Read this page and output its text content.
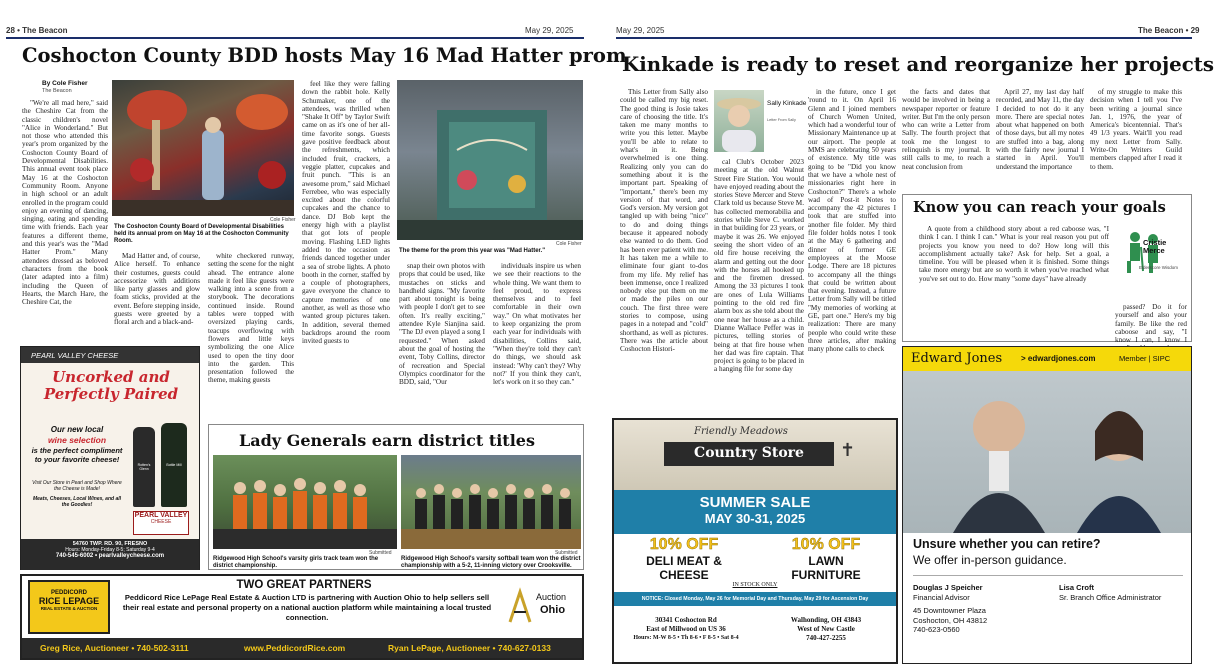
28 • The Beacon	May 29, 2025
Coshocton County BDD hosts May 16 Mad Hatter prom
By Cole Fisher
The Beacon

"We're all mad here," said the Cheshire Cat from the classic children's novel "Alice in Wonderland." But not those who attended this year's prom organized by the Coshocton County Board of Developmental Disabilities. This annual event took place May 16 at the Coshocton Community Room. Anyone in high school or an adult enrolled in the program could enjoy an evening of dancing, singing, eating and spending time with friends. Each year features a different theme, and this year's was the "Mad Hatter Prom." Many attendees dressed as beloved characters from the book (later adapted into a film) including the Queen of Hearts, the March Hare, the Cheshire Cat, the

Cole Fisher
The Coshocton County Board of Developmental Disabilities held its annual prom on May 16 at the Coshocton Community Room.

Mad Hatter and, of course, Alice herself. To enhance their costumes, guests could accessorize with additions like party glasses and glow foam sticks, provided at the event. Before stepping inside, guests were greeted by a floral arch and a black-and-

white checkered runway, setting the scene for the night ahead. The entrance alone made it feel like guests were walking into a scene from a storybook. The decorations continued inside. Round tables were topped with oversized playing cards, teacups overflowing with flowers and little keys symbolizing the one Alice used to open the tiny door into the garden. This presentation followed the theme, making guests

feel like they were falling down the rabbit hole. Kelly Schumaker, one of the attendees, was thrilled when "Shake It Off" by Taylor Swift came on as it's one of her all-time favorite songs. Guests gave positive feedback about the refreshments, which included fruit, crackers, a veggie platter, cupcakes and fruit punch. "This is an awesome prom," said Michael Ferrebee, who was especially excited about the colorful cupcakes and the chance to dance. DJ Bob kept the energy high with a playlist that got lots of people moving. Flashing LED lights added to the occasion as friends danced together under a sea of strobe lights. A photo booth in the corner, staffed by a couple of photographers, gave everyone the chance to capture memories of one another, as well as those who wanted group pictures taken. In addition, several themed backdrops around the room invited guests to

Cole Fisher
The theme for the prom this year was "Mad Hatter."

snap their own photos with props that could be used, like mustaches on sticks and handheld signs. "My favorite part about tonight is being with people I don't get to see often. It's really exciting," attendee Kyle Sianjina said. "The DJ even played a song I requested." When asked about the goal of hosting the event, Toby Collins, director of recreation and Special Olympics coordinator for the BDD, said, "Our

individuals inspire us when we see their reactions to the whole thing. We want them to feel proud, to express themselves and to feel comfortable in their own way." On what motivates her to keep organizing the prom each year for individuals with disabilities, Collins said, "When they're told they can't do things, we should ask instead: 'Why can't they? Why not?' If you think they can't, let's work on it so they can."

PEARL VALLEY CHEESE
Uncorked and Perfectly Paired
Our new local
wine selection
is the perfect compliment to your favorite cheese!
Visit Our Store in Pearl and Shop Where the Cheese is Made!
Meats, Cheeses, Local Wines, and all the Goodies!
Rotten's Glenn
Bottle Mill
PEARL VALLEY
CHEESE
54760 TWP. RD. 90, FRESNO
Hours: Monday-Friday 8-5; Saturday 9-4
740-545-6002 • pearlvalleycheese.com
Lady Generals earn district titles
Submitted
Ridgewood High School's varsity girls track team won the district championship.
Submitted
Ridgewood High School's varsity softball team won the district championship with a 5-2, 11-inning victory over Crooksville.
PEDDICORD
RICE LEPAGE
REAL ESTATE & AUCTION
TWO GREAT PARTNERS
Peddicord Rice LePage Real Estate & Auction LTD is partnering with Auction Ohio to help sellers sell their real estate and personal property on a national auction platform while maintaining a local trusted connection.
Auction
Ohio
Greg Rice, Auctioneer • 740-502-3111	www.PeddicordRice.com	Ryan LePage, Auctioneer • 740-627-0133
May 29, 2025	The Beacon • 29
Kinkade is ready to reset and reorganize her projects

This Letter from Sally also could be called my big reset. The good thing is Josie takes care of choosing the title. It's taken me many months to write you this letter. Maybe you'll be able to relate to what's in it. Being overwhelmed is one thing. Realizing only you can do something about it is the important part. Speaking of "important," there's been my version of that word, and God's version. My version got tangled up with being "nice" to do and doing things because it appeared nobody else wanted to do them. God has been ever patient with me. It has taken me a while to eliminate four giant to-dos from my life. My relief has been immense, once I realized nobody else put them on me or made the piles on our couch. The first three were stories to compose, using pages in a notepad and "cold" shorthand, as well as pictures. There was the article about Coshocton Histori-

Sally Kinkade
Letter From Sally

cal Club's October 2023 meeting at the old Walnut Street Fire Station. You would have enjoyed reading about the stories Steve Mercer and Steve Clark told us because Steve M. has collected memorabilia and stories while Steve C. worked in that building for 23 years, or maybe it was 26. We enjoyed seeing the short video of an old fire house receiving the alarm and getting out the door with the horses all hooked up and the firemen dressed. Among the 33 pictures I took are ones of Lula Williams pointing to the old red fire alarm box as she told about the one near her house as a child. Dianne Wallace Peffer was in pictures, telling stories of being at that fire house when her dad was fire captain. That project is going to be placed in a hanging file for some day

in the future, once I get 'round to it. On April 16 Glenn and I joined members of Church Women United, which had a wonderful tour of Missionary Maintenance up at our airport. The people at MMS are celebrating 50 years of existence. My title was going to be "Did you know that we have a whole nest of missionaries right here in Coshocton?" There's a whole wad of Post-it Notes to accompany the 42 pictures I took that are stuffed into another file folder. My third file folder holds notes I took at the May 6 gathering and dinner of former GE employees at the Moose Lodge. There are 18 pictures to accompany all the things that could be written about that evening. Instead, a future Letter from Sally will be titled "My memories of working at GE, part one." Here's my big realization: There are many people who could write these three articles, after making many phone calls to check

the facts and dates that would be involved in being a newspaper reporter or feature writer. But I'm the only person who can write a Letter from Sally. The fourth project that took me the longest to relinquish is my journal. It still calls to me, to reach a neat conclusion from

April 27, my last day half recorded, and May 11, the day I decided to not do it any more. There are special notes about what happened on both of those days, but all my notes are stuffed into a bag, along with the fairly new journal I started in April. You'll understand the importance

of my struggle to make this decision when I tell you I've been writing a journal since Jan. 1, 1976, the year of America's bicentennial. That's 49 1/3 years. Wait'll you read my next Letter from Sally. Write-On Writers Guild members clapped after I read it to them.

Know you can reach your goals

A quote from a childhood story about a red caboose was, "I think I can. I think I can." What is your real reason you put off projects you know you need to do? How long will this accomplishment actually take? Ask for help. Set a goal, a timeline. You will be pleased when it is finished. Some things take more energy but are so worth it when you've reached what you've set out to do. How many "some days" have already

Cristie Merce
Elderscore Wisdom

passed? Do it for yourself and also your family. Be like the red caboose and say, "I know I can, I know I

Friendly Meadows
Country Store	✝
SUMMER SALE
MAY 30-31, 2025
10% OFF
DELI MEAT &
CHEESE
10% OFF
LAWN
FURNITURE
IN STOCK ONLY
NOTICE: Closed Monday, May 26 for Memorial Day and Thursday, May 29 for Ascension Day
30341 Coshocton Rd
East of Millwood on US 36
Hours: M-W 8-5 • Th 8-6 • F 8-5 • Sat 8-4
Walhonding, OH 43843
West of New Castle
740-427-2255
Edward Jones > edwardjones.com	Member | SIPC
Unsure whether you can retire?
We offer in-person guidance.
Douglas J Speicher
Financial Advisor
45 Downtowner Plaza
Coshocton, OH 43812
740-623-0560
Lisa Croft
Sr. Branch Office Administrator
